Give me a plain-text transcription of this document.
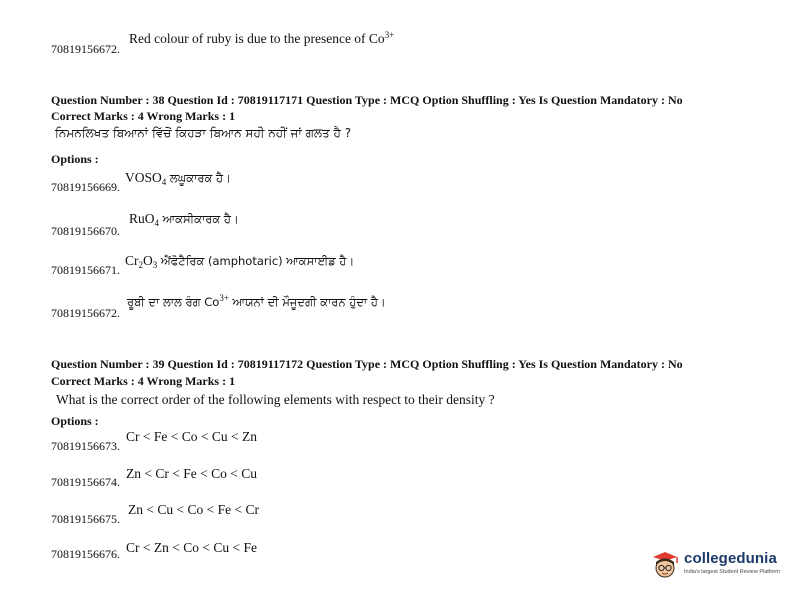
70819156672.
Red colour of ruby is due to the presence of $Co^{3+}$
Question Number : 38 Question Id : 70819117171 Question Type : MCQ Option Shuffling : Yes Is Question Mandatory : No
Correct Marks : 4 Wrong Marks : 1
ਨਿਮਨਲਿਖਤ ਬਿਆਨਾਂ ਵਿੱਚੋਂ ਕਿਹੜਾ ਬਿਆਨ ਸਹੀ ਨਹੀਂ ਜਾਂ ਗਲਤ ਹੈ ?
Options :
70819156669.
$VOSO_4$ ਲਘੂਕਾਰਕ ਹੈ।
70819156670.
RuO$_4$ ਆਕਸੀਕਾਰਕ ਹੈ।
70819156671.
$Cr_2O_3$ ਐਂਫੋਟੈਰਿਕ (amphotaric) ਆਕਸਾਈਡ ਹੈ।
70819156672.
ਰੂਬੀ ਦਾ ਲਾਲ ਰੰਗ $Co^{3+}$ ਆਯਨਾਂ ਦੀ ਮੌਜੂਦਗੀ ਕਾਰਨ ਹੁੰਦਾ ਹੈ।
Question Number : 39 Question Id : 70819117172 Question Type : MCQ Option Shuffling : Yes Is Question Mandatory : No
Correct Marks : 4 Wrong Marks : 1
What is the correct order of the following elements with respect to their density ?
Options :
70819156673.
Cr < Fe < Co < Cu < Zn
70819156674.
Zn < Cr < Fe < Co < Cu
70819156675.
Zn < Cu < Co < Fe < Cr
70819156676. Cr < Zn < Co < Cu < Fe
collegedunia
India's largest Student Review Platform
